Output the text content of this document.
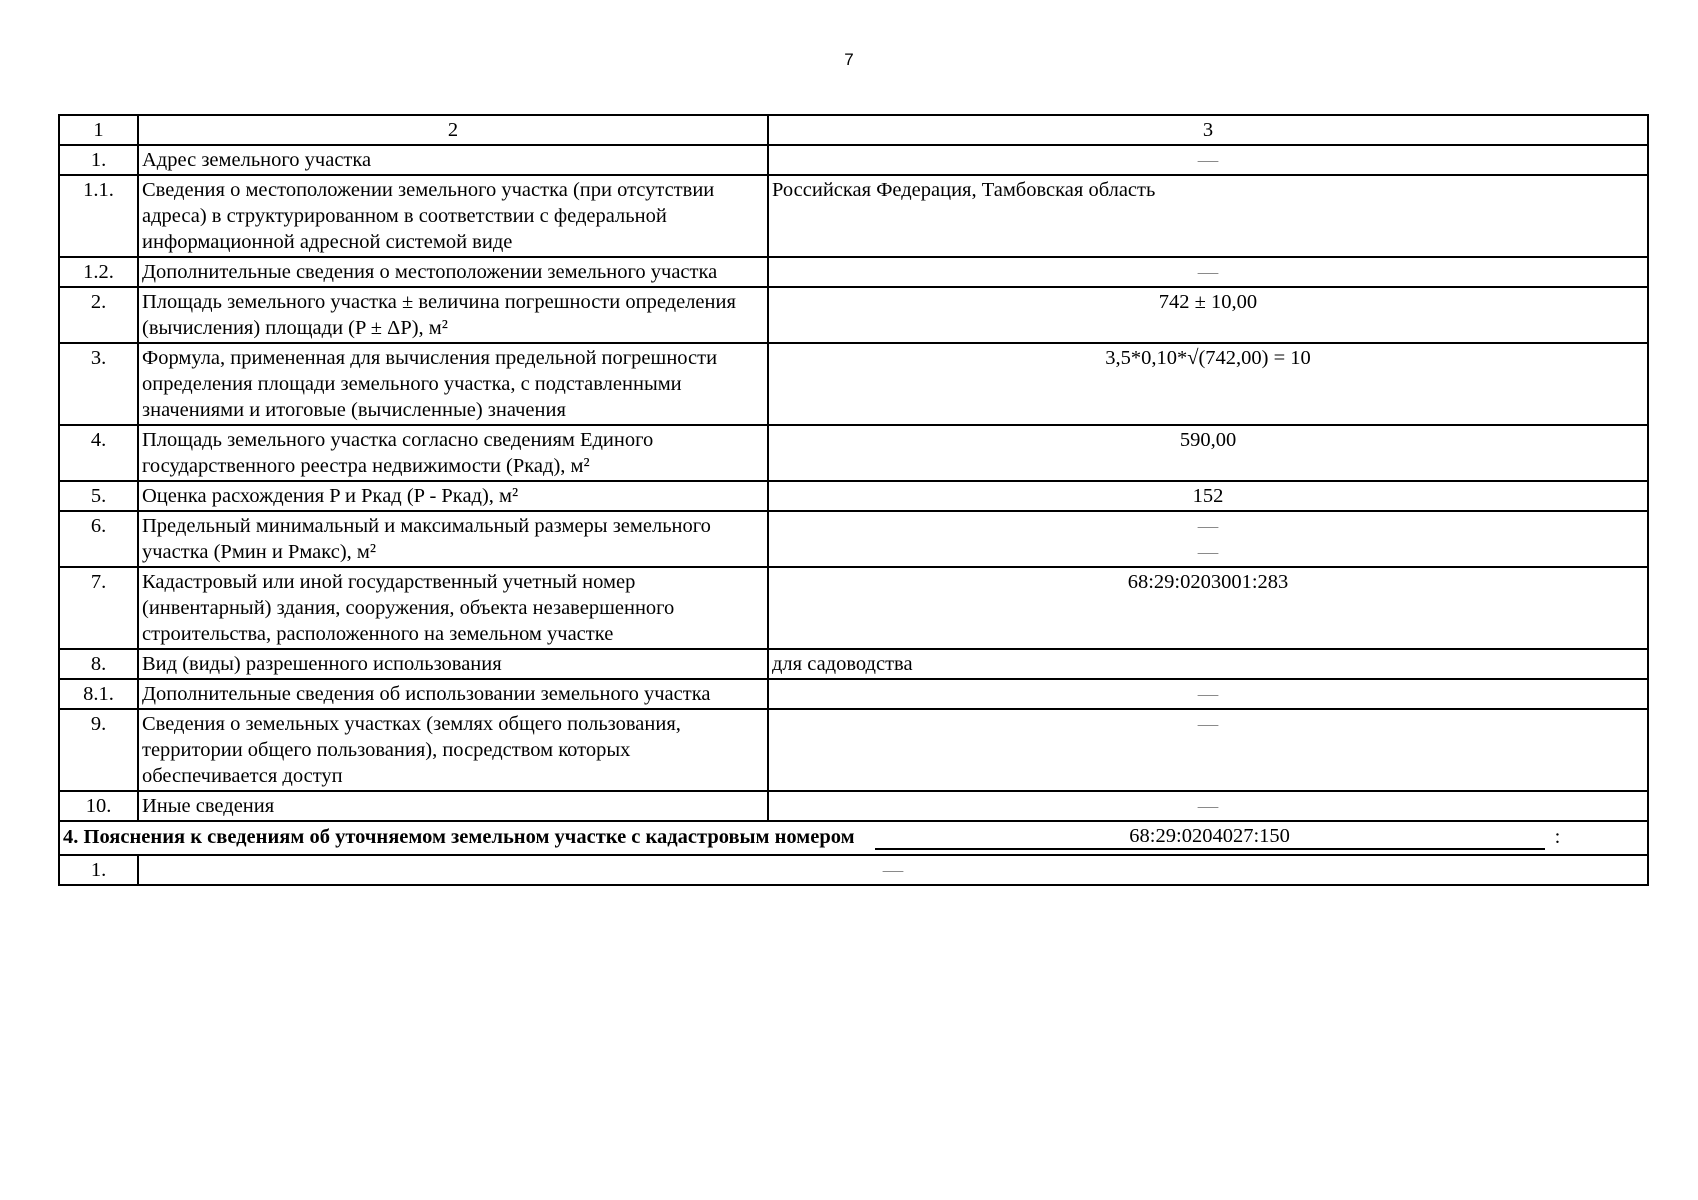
7
1	2	3
1.	Адрес земельного участка	—
1.1.	Сведения о местоположении земельного участка (при отсутствии адреса) в структурированном в соответствии с федеральной информационной адресной системой виде	Российская Федерация, Тамбовская область
1.2.	Дополнительные сведения о местоположении земельного участка	—
2.	Площадь земельного участка ± величина погрешности определения (вычисления) площади (P ± ΔP), м²	742 ± 10,00
3.	Формула, примененная для вычисления предельной погрешности определения площади земельного участка, с подставленными значениями и итоговые (вычисленные) значения	3,5*0,10*√(742,00) = 10
4.	Площадь земельного участка согласно сведениям Единого государственного реестра недвижимости (Pкад), м²	590,00
5.	Оценка расхождения P и Pкад (P - Pкад), м²	152
6.	Предельный минимальный и максимальный размеры земельного участка (Pмин и Pмакс), м²	—
—

7.	Кадастровый или иной государственный учетный номер (инвентарный) здания, сооружения, объекта незавершенного строительства, расположенного на земельном участке	68:29:0203001:283
8.	Вид (виды) разрешенного использования	для садоводства
8.1.	Дополнительные сведения об использовании земельного участка	—
9.	Сведения о земельных участках (землях общего пользования, территории общего пользования), посредством которых обеспечивается доступ	—
10.	Иные сведения	—

4. Пояснения к сведениям об уточняемом земельном участке с кадастровым номером 68:29:0204027:150 :		

1.	—	
